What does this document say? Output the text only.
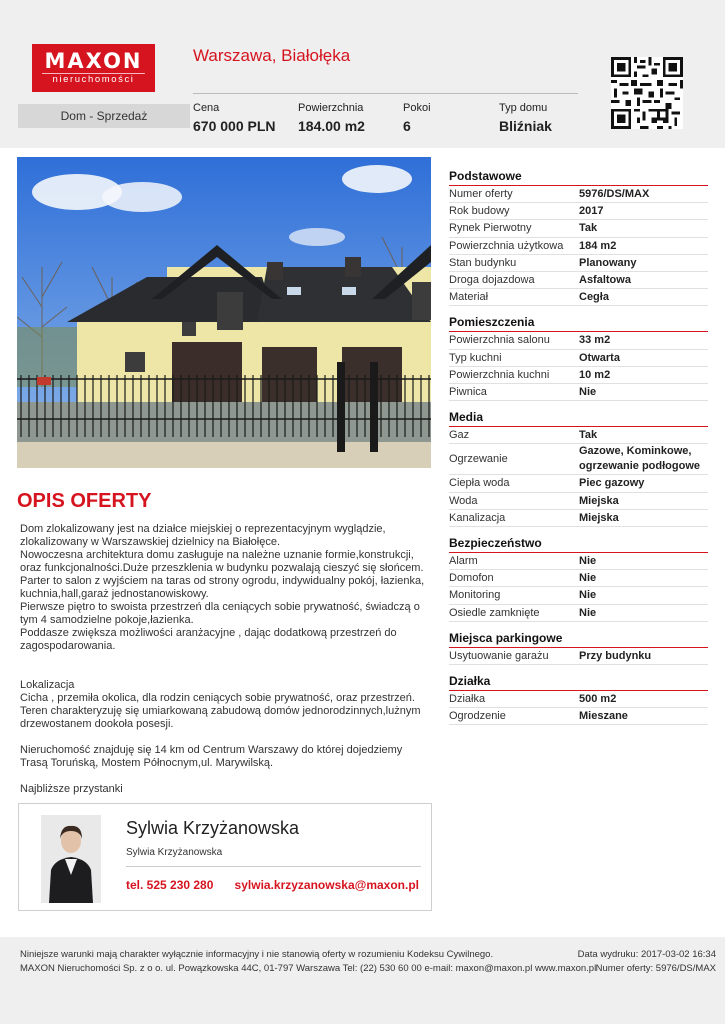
MAXON
nieruchomości
Warszawa, Białołęka
Dom - Sprzedaż
Cena
670 000 PLN
Powierzchnia
184.00 m2
Pokoi
6
Typ domu
Bliźniak
OPIS OFERTY

Dom zlokalizowany jest na działce miejskiej o reprezentacyjnym wyglądzie, zlokalizowany w Warszawskiej dzielnicy na Białołęce.
Nowoczesna architektura domu zasługuje na należne uznanie formie,konstrukcji, oraz funkcjonalności.Duże przeszklenia w budynku pozwalają cieszyć się słońcem.
Parter to salon z wyjściem na taras od strony ogrodu, indywidualny pokój, łazienka, kuchnia,hall,garaż jednostanowiskowy.
Pierwsze piętro to swoista przestrzeń dla ceniących sobie prywatność, świadczą o tym 4 samodzielne pokoje,łazienka.
Poddasze zwiększa możliwości aranżacyjne , dając dodatkową przestrzeń do zagospodarowania.

Lokalizacja
Cicha , przemiła okolica, dla rodzin ceniących sobie prywatność, oraz przestrzeń.
Teren charakteryzuję się umiarkowaną zabudową domów jednorodzinnych,lużnym drzewostanem dookoła posesji.

Nieruchomość znajduję się 14 km od Centrum Warszawy do której dojedziemy Trasą Toruńską, Mostem Północnym,ul. Marywilską.

Najbliższe przystanki

Sylwia Krzyżanowska
Sylwia Krzyżanowska
tel. 525 230 280 sylwia.krzyzanowska@maxon.pl
Podstawowe
Numer oferty	5976/DS/MAX
Rok budowy	2017
Rynek Pierwotny	Tak
Powierzchnia użytkowa	184 m2
Stan budynku	Planowany
Droga dojazdowa	Asfaltowa
Materiał	Cegła
Pomieszczenia
Powierzchnia salonu	33 m2
Typ kuchni	Otwarta
Powierzchnia kuchni	10 m2
Piwnica	Nie
Media
Gaz	Tak
Ogrzewanie
Gazowe, Kominkowe, ogrzewanie podłogowe
Ciepła woda	Piec gazowy
Woda	Miejska
Kanalizacja	Miejska
Bezpieczeństwo
Alarm	Nie
Domofon	Nie
Monitoring	Nie
Osiedle zamknięte	Nie
Miejsca parkingowe
Usytuowanie garażu	Przy budynku
Działka
Działka	500 m2
Ogrodzenie	Mieszane
Niniejsze warunki mają charakter wyłącznie informacyjny i nie stanowią oferty w rozumieniu Kodeksu Cywilnego.
MAXON Nieruchomości Sp. z o o. ul. Powązkowska 44C, 01-797 Warszawa Tel: (22) 530 60 00 e-mail: maxon@maxon.pl www.maxon.pl
Data wydruku: 2017-03-02 16:34
Numer oferty: 5976/DS/MAX
